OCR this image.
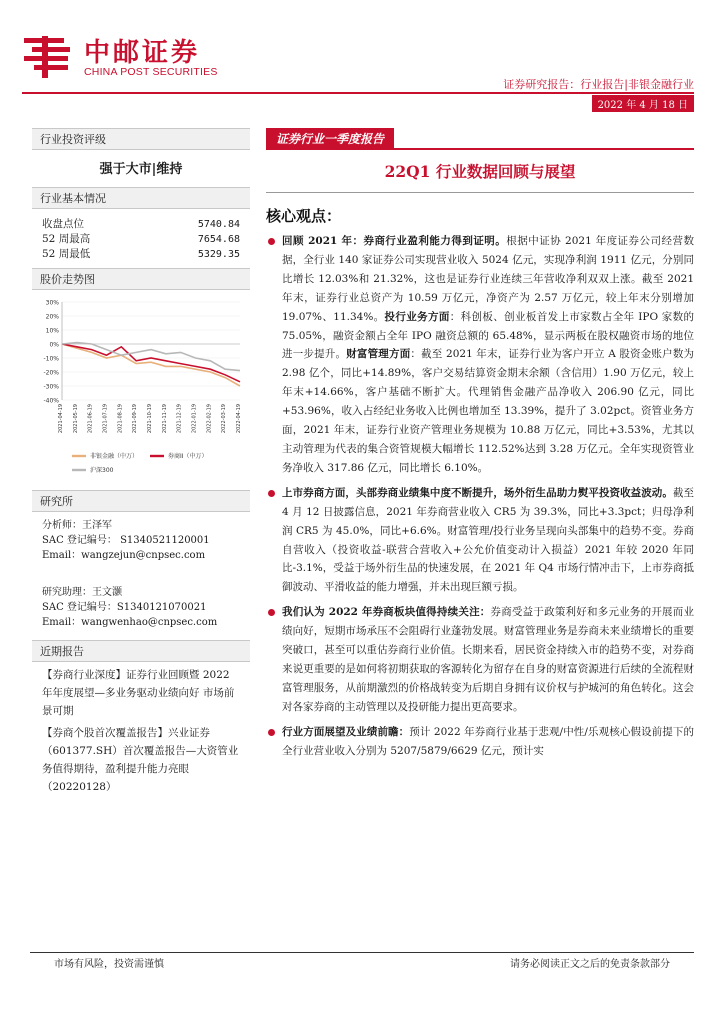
中邮证券
CHINA POST SECURITIES
证券研究报告：行业报告|非银金融行业
2022 年 4 月 18 日
行业投资评级
强于大市|维持
行业基本情况
收盘点位	5740.84
52 周最高	7654.68
52 周最低	5329.35
股价走势图
30%
20%
10%
0%
-10%
-20%
-30%
-40%
2021-04-19 2021-05-19 2021-06-19 2021-07-19 2021-08-19 2021-09-19 2021-10-19 2021-11-19 2021-12-19 2022-01-19 2022-02-19 2022-03-19 2022-04-19
非银金融（中万）	券商II（中万）
沪深300
研究所
分析师：王泽军
SAC 登记编号： S1340521120001
Email：wangzejun@cnpsec.com
研究助理：王文灏
SAC 登记编号：S1340121070021
Email：wangwenhao@cnpsec.com
近期报告

【券商行业深度】证券行业回顾暨 2022 年年度展望—多业务驱动业绩向好 市场前景可期

【券商个股首次覆盖报告】兴业证券（601377.SH）首次覆盖报告—大资管业务值得期待，盈利提升能力亮眼（20220128）

证券行业一季度报告
22Q1 行业数据回顾与展望
核心观点：
回顾 2021 年：券商行业盈利能力得到证明。根据中证协 2021 年度证券公司经营数据，全行业 140 家证券公司实现营业收入 5024 亿元，实现净利润 1911 亿元，分别同比增长 12.03%和 21.32%，这也是证券行业连续三年营收净利双双上涨。截至 2021 年末，证券行业总资产为 10.59 万亿元，净资产为 2.57 万亿元，较上年末分别增加 19.07%、11.34%。投行业务方面：科创板、创业板首发上市家数占全年 IPO 家数的 75.05%，融资金额占全年 IPO 融资总额的 65.48%，显示两板在股权融资市场的地位进一步提升。财富管理方面：截至 2021 年末，证券行业为客户开立 A 股资金账户数为 2.98 亿个，同比+14.89%，客户交易结算资金期末余额（含信用）1.90 万亿元，较上年末+14.66%，客户基础不断扩大。代理销售金融产品净收入 206.90 亿元，同比+53.96%，收入占经纪业务收入比例也增加至 13.39%，提升了 3.02pct。资管业务方面，2021 年末，证券行业资产管理业务规模为 10.88 万亿元，同比+3.53%，尤其以主动管理为代表的集合资管规模大幅增长 112.52%达到 3.28 万亿元。全年实现资管业务净收入 317.86 亿元，同比增长 6.10%。
上市券商方面，头部券商业绩集中度不断提升，场外衍生品助力熨平投资收益波动。截至 4 月 12 日披露信息，2021 年券商营业收入 CR5 为 39.3%，同比+3.3pct；归母净利润 CR5 为 45.0%，同比+6.6%。财富管理/投行业务呈现向头部集中的趋势不变。券商自营收入（投资收益-联营合营收入+公允价值变动计入损益）2021 年较 2020 年同比-3.1%，受益于场外衍生品的快速发展，在 2021 年 Q4 市场行情冲击下，上市券商抵御波动、平滑收益的能力增强，并未出现巨额亏损。
我们认为 2022 年券商板块值得持续关注：券商受益于政策利好和多元业务的开展而业绩向好，短期市场承压不会阻碍行业蓬勃发展。财富管理业务是券商未来业绩增长的重要突破口，甚至可以重估券商行业价值。长期来看，居民资金持续入市的趋势不变，对券商来说更重要的是如何将初期获取的客源转化为留存在自身的财富资源进行后续的全流程财富管理服务，从前期激烈的价格战转变为后期自身拥有议价权与护城河的角色转化。这会对各家券商的主动管理以及投研能力提出更高要求。
行业方面展望及业绩前瞻：预计 2022 年券商行业基于悲观/中性/乐观核心假设前提下的全行业营业收入分别为 5207/5879/6629 亿元，预计实
市场有风险，投资需谨慎	请务必阅读正文之后的免责条款部分
